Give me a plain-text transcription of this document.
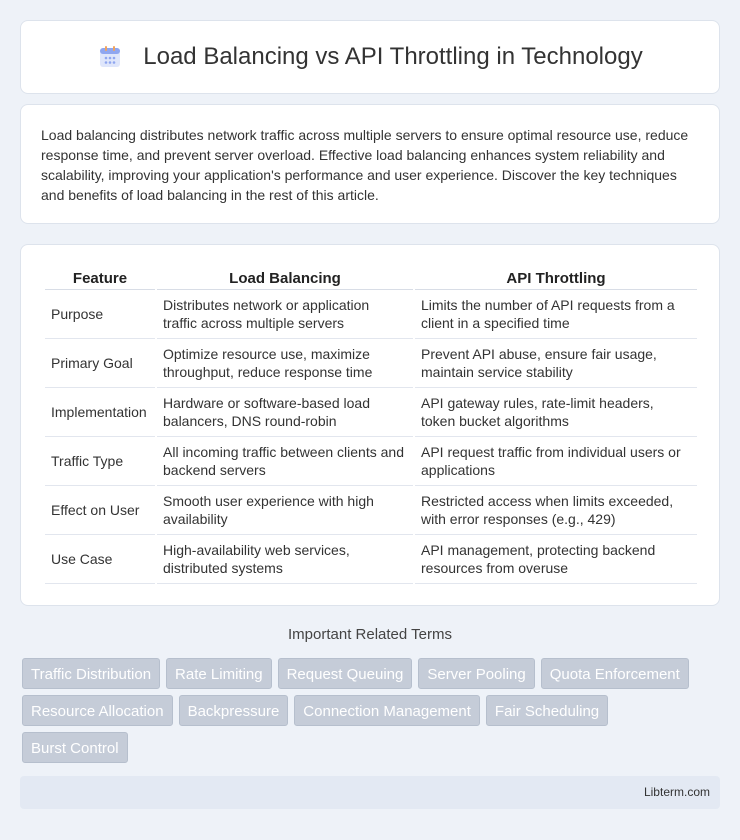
Load Balancing vs API Throttling in Technology

Load balancing distributes network traffic across multiple servers to ensure optimal resource use, reduce response time, and prevent server overload. Effective load balancing enhances system reliability and scalability, improving your application's performance and user experience. Discover the key techniques and benefits of load balancing in the rest of this article.

Feature	Load Balancing	API Throttling
Purpose	Distributes network or application traffic across multiple servers	Limits the number of API requests from a client in a specified time
Primary Goal	Optimize resource use, maximize throughput, reduce response time	Prevent API abuse, ensure fair usage, maintain service stability
Implementation	Hardware or software-based load balancers, DNS round-robin	API gateway rules, rate-limit headers, token bucket algorithms
Traffic Type	All incoming traffic between clients and backend servers	API request traffic from individual users or applications
Effect on User	Smooth user experience with high availability	Restricted access when limits exceeded, with error responses (e.g., 429)
Use Case	High-availability web services, distributed systems	API management, protecting backend resources from overuse
Important Related Terms
Traffic Distribution	Rate Limiting	Request Queuing	Server Pooling	Quota Enforcement
Resource Allocation	Backpressure	Connection Management	Fair Scheduling
Burst Control
Libterm.com
